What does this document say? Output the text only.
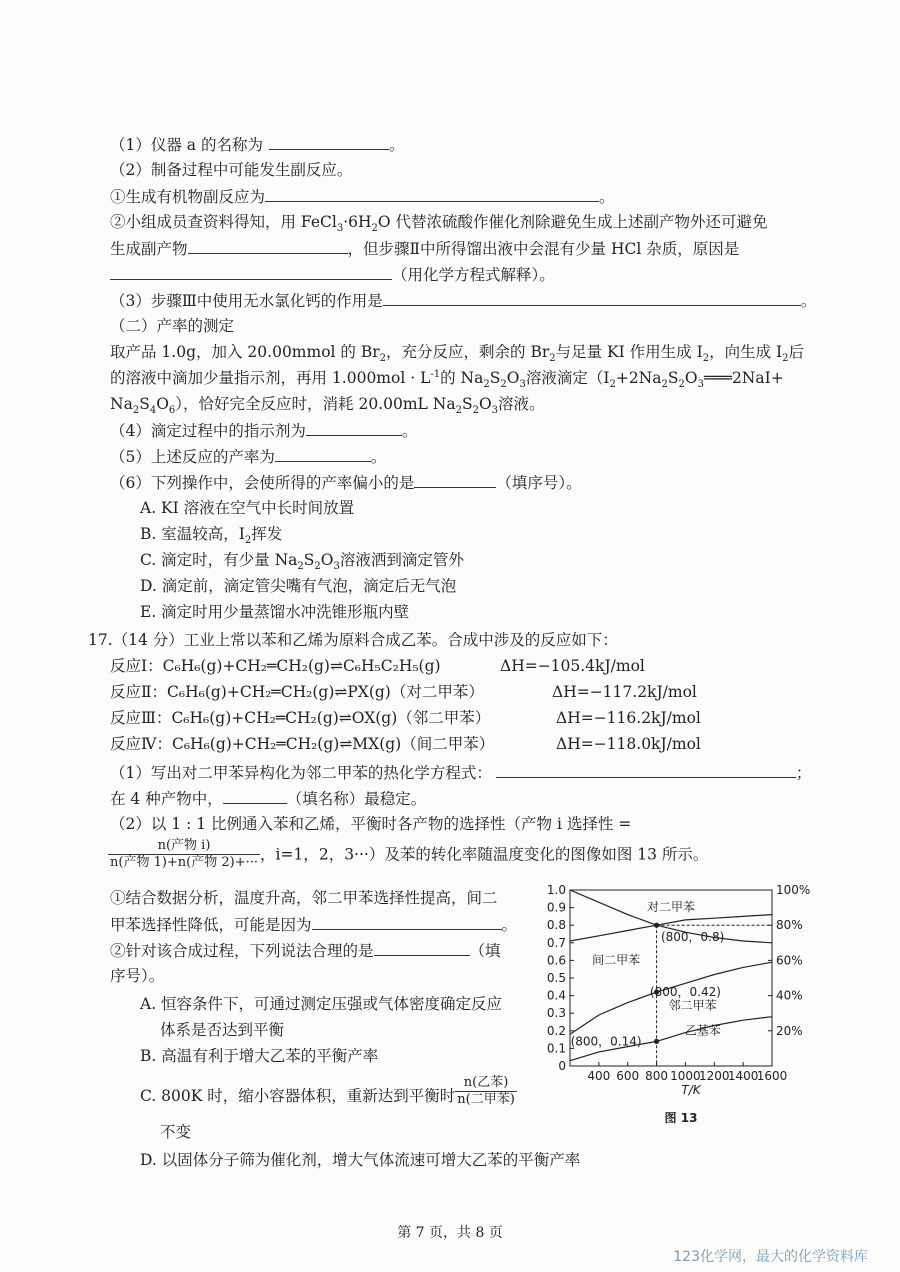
（1）仪器 a 的名称为	。
（2）制备过程中可能发生副反应。
①生成有机物副反应为	。
②小组成员查资料得知，用 $FeCl_3\cdot 6H_2O$ 代替浓硫酸作催化剂除避免生成上述副产物外还可避免
生成副产物	，但步骤Ⅱ中所得馏出液中会混有少量 HCl 杂质，原因是
（用化学方程式解释）。
（3）步骤Ⅲ中使用无水氯化钙的作用是	。
（二）产率的测定
取产品 1.0g，加入 20.00mmol 的 $Br_2$，充分反应，剩余的 $Br_2$与足量 KI 作用生成 $I_2$，向生成 $I_2$后
的溶液中滴加少量指示剂，再用 $1.000mol \cdot L^{-1}$的 $Na_2S_2O_3$溶液滴定（$I_2+2Na_2S_2O_3═══2NaI+$
$Na_2S_4O_6$），恰好完全反应时，消耗 20.00mL $Na_2S_2O_3$溶液。
（4）滴定过程中的指示剂为	。
（5）上述反应的产率为	。
（6）下列操作中，会使所得的产率偏小的是	（填序号）。
A. KI 溶液在空气中长时间放置
B. 室温较高，$I_2$挥发
C. 滴定时，有少量 $Na_2S_2O_3$溶液洒到滴定管外
D. 滴定前，滴定管尖嘴有气泡，滴定后无气泡
E. 滴定时用少量蒸馏水冲洗锥形瓶内壁
17.（14 分）工业上常以苯和乙烯为原料合成乙苯。合成中涉及的反应如下：
反应Ⅰ：C₆H₆(g)+CH₂═CH₂(g)⇌C₆H₅C₂H₅(g)	ΔH=−105.4kJ/mol
反应Ⅱ：C₆H₆(g)+CH₂═CH₂(g)⇌PX(g)（对二甲苯）	ΔH=−117.2kJ/mol
反应Ⅲ：C₆H₆(g)+CH₂═CH₂(g)⇌OX(g)（邻二甲苯）	ΔH=−116.2kJ/mol
反应Ⅳ：C₆H₆(g)+CH₂═CH₂(g)⇌MX(g)（间二甲苯）	ΔH=−118.0kJ/mol
（1）写出对二甲苯异构化为邻二甲苯的热化学方程式：	；
在 4 种产物中，	（填名称）最稳定。
（2）以 1 : 1 比例通入苯和乙烯，平衡时各产物的选择性（产物 i 选择性 =
$\frac{\text{n(产物 i)}}{\text{n(产物 1)+n(产物 2)+···}}$ ，i=1，2，3···）及苯的转化率随温度变化的图像如图 13 所示。
①结合数据分析，温度升高，邻二甲苯选择性提高，间二
甲苯选择性降低，可能是因为	。
②针对该合成过程，下列说法合理的是	（填
序号）。
A. 恒容条件下，可通过测定压强或气体密度确定反应
体系是否达到平衡
B. 高温有利于增大乙苯的平衡产率
C. 800K 时，缩小容器体积，重新达到平衡时 $\frac{\text{n(乙苯)}}{\text{n(二甲苯)}}$
不变
D. 以固体分子筛为催化剂，增大气体流速可增大乙苯的平衡产率
0
0.1
0.2
0.3
0.4
0.5
0.6
0.7
0.8
0.9
1.0
20%
40%
60%
80%
100%
400 600 800 1000
1200
1400
1600
T/K
图 13
对二甲苯
间二甲苯
邻二甲苯
乙基苯
(800，0.8)
(800，0.42)
(800，0.14)
第 7 页，共 8 页
123化学网，最大的化学资料库
